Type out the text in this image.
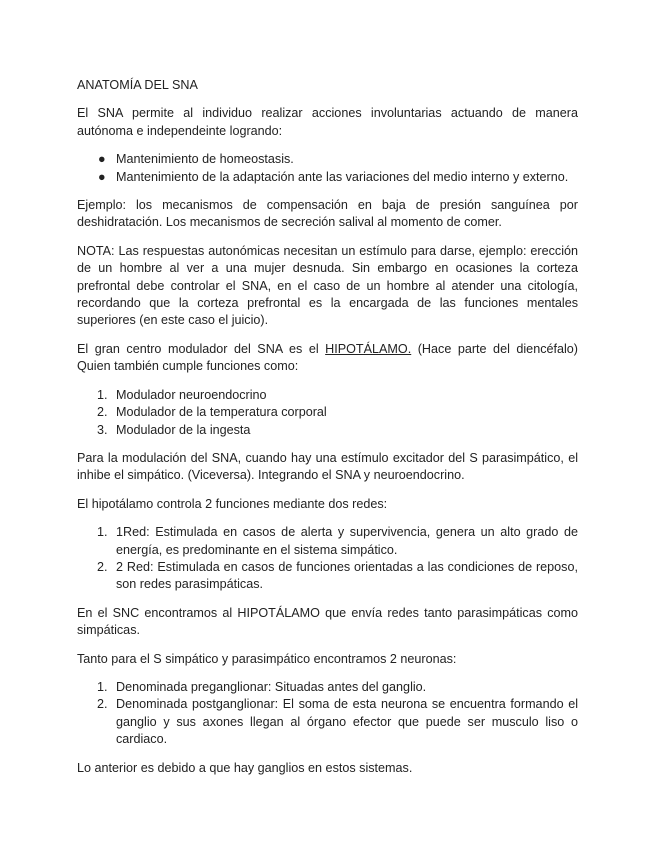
ANATOMÍA DEL SNA

El SNA permite al individuo realizar acciones involuntarias actuando de manera autónoma e independeinte logrando:

● Mantenimiento de homeostasis.
● Mantenimiento de la adaptación ante las variaciones del medio interno y externo.

Ejemplo: los mecanismos de compensación en baja de presión sanguínea por deshidratación. Los mecanismos de secreción salival al momento de comer.

NOTA: Las respuestas autonómicas necesitan un estímulo para darse, ejemplo: erección de un hombre al ver a una mujer desnuda. Sin embargo en ocasiones la corteza prefrontal debe controlar el SNA, en el caso de un hombre al atender una citología, recordando que la corteza prefrontal es la encargada de las funciones mentales superiores (en este caso el juicio).

El gran centro modulador del SNA es el HIPOTÁLAMO. (Hace parte del diencéfalo) Quien también cumple funciones como:

1. Modulador neuroendocrino
2. Modulador de la temperatura corporal
3. Modulador de la ingesta

Para la modulación del SNA, cuando hay una estímulo excitador del S parasimpático, el inhibe el simpático. (Viceversa). Integrando el SNA y neuroendocrino.

El hipotálamo controla 2 funciones mediante dos redes:

1. 1Red: Estimulada en casos de alerta y supervivencia, genera un alto grado de energía, es predominante en el sistema simpático.
2. 2 Red: Estimulada en casos de funciones orientadas a las condiciones de reposo, son redes parasimpáticas.

En el SNC encontramos al HIPOTÁLAMO que envía redes tanto parasimpáticas como simpáticas.

Tanto para el S simpático y parasimpático encontramos 2 neuronas:

1. Denominada preganglionar: Situadas antes del ganglio.
2. Denominada postganglionar: El soma de esta neurona se encuentra formando el ganglio y sus axones llegan al órgano efector que puede ser musculo liso o cardiaco.

Lo anterior es debido a que hay ganglios en estos sistemas.
